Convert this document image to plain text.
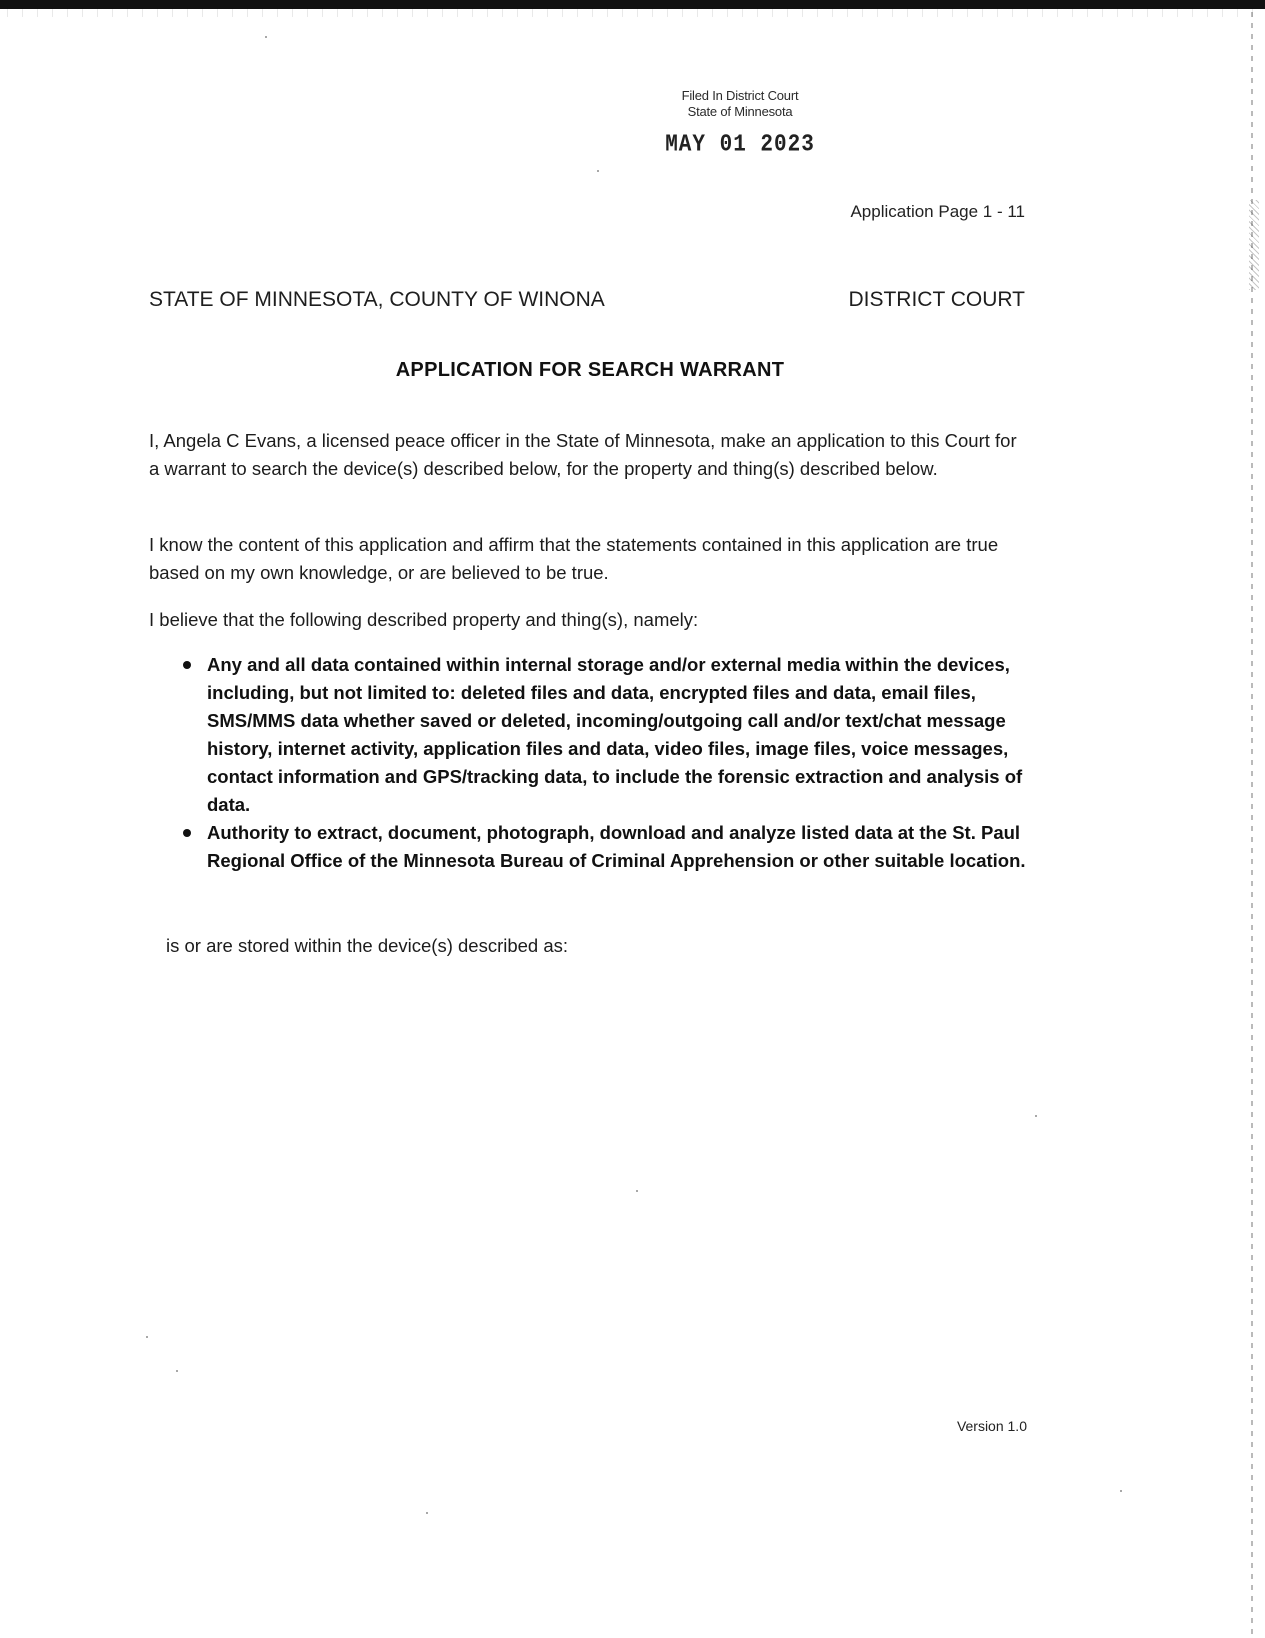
Filed In District Court
State of Minnesota
MAY 01 2023
Application Page 1 - 11
STATE OF MINNESOTA, COUNTY OF WINONA	DISTRICT COURT
APPLICATION FOR SEARCH WARRANT
I, Angela C Evans, a licensed peace officer in the State of Minnesota, make an application to this Court for a warrant to search the device(s) described below, for the property and thing(s) described below.
I know the content of this application and affirm that the statements contained in this application are true based on my own knowledge, or are believed to be true.
I believe that the following described property and thing(s), namely:
Any and all data contained within internal storage and/or external media within the devices, including, but not limited to: deleted files and data, encrypted files and data, email files, SMS/MMS data whether saved or deleted, incoming/outgoing call and/or text/chat message history, internet activity, application files and data, video files, image files, voice messages, contact information and GPS/tracking data, to include the forensic extraction and analysis of data.
Authority to extract, document, photograph, download and analyze listed data at the St. Paul Regional Office of the Minnesota Bureau of Criminal Apprehension or other suitable location.
is or are stored within the device(s) described as:
Version 1.0
